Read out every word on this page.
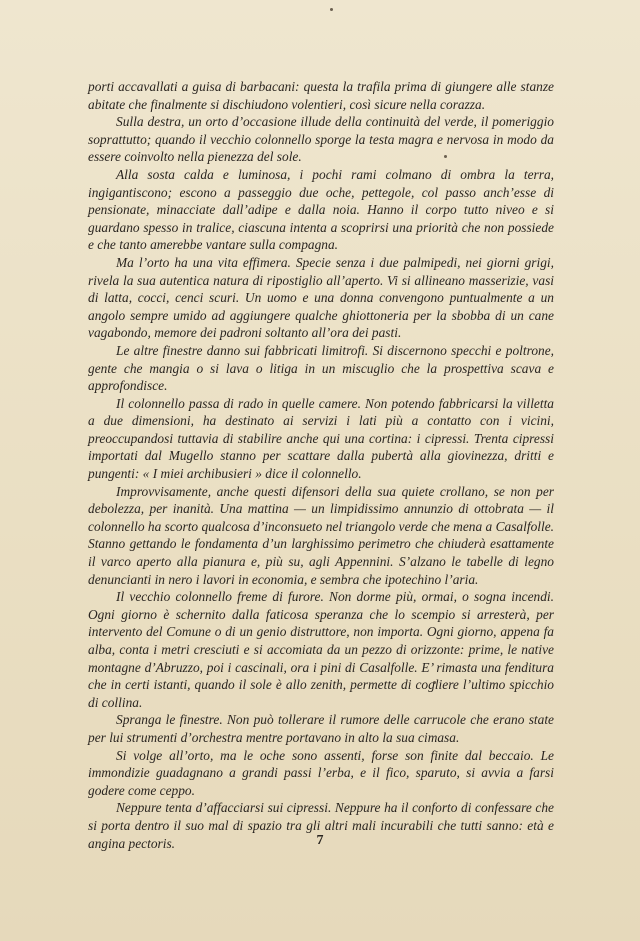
porti accavallati a guisa di barbacani: questa la trafila prima di giungere alle stanze abitate che finalmente si dischiudono volentieri, così sicure nella corazza.

Sulla destra, un orto d’occasione illude della continuità del verde, il pomeriggio soprattutto; quando il vecchio colonnello sporge la testa magra e nervosa in modo da essere coinvolto nella pienezza del sole.

Alla sosta calda e luminosa, i pochi rami colmano di ombra la terra, ingigantiscono; escono a passeggio due oche, pettegole, col passo anch’esse di pensionate, minacciate dall’adipe e dalla noia. Hanno il corpo tutto niveo e si guardano spesso in tralice, ciascuna intenta a scoprirsi una priorità che non possiede e che tanto amerebbe vantare sulla compagna.

Ma l’orto ha una vita effimera. Specie senza i due palmipedi, nei giorni grigi, rivela la sua autentica natura di ripostiglio all’aperto. Vi si allineano masserizie, vasi di latta, cocci, cenci scuri. Un uomo e una donna convengono puntualmente a un angolo sempre umido ad aggiungere qualche ghiottoneria per la sbobba di un cane vagabondo, memore dei padroni soltanto all’ora dei pasti.

Le altre finestre danno sui fabbricati limitrofi. Si discernono specchi e poltrone, gente che mangia o si lava o litiga in un miscuglio che la prospettiva scava e approfondisce.

Il colonnello passa di rado in quelle camere. Non potendo fabbricarsi la villetta a due dimensioni, ha destinato ai servizi i lati più a contatto con i vicini, preoccupandosi tuttavia di stabilire anche qui una cortina: i cipressi. Trenta cipressi importati dal Mugello stanno per scattare dalla pubertà alla giovinezza, dritti e pungenti: « I miei archibusieri » dice il colonnello.

Improvvisamente, anche questi difensori della sua quiete crollano, se non per debolezza, per inanità. Una mattina — un limpidissimo annunzio di ottobrata — il colonnello ha scorto qualcosa d’inconsueto nel triangolo verde che mena a Casalfolle. Stanno gettando le fondamenta d’un larghissimo perimetro che chiuderà esattamente il varco aperto alla pianura e, più su, agli Appennini. S’alzano le tabelle di legno denuncianti in nero i lavori in economia, e sembra che ipotechino l’aria.

Il vecchio colonnello freme di furore. Non dorme più, ormai, o sogna incendi. Ogni giorno è schernito dalla faticosa speranza che lo scempio si arresterà, per intervento del Comune o di un genio distruttore, non importa. Ogni giorno, appena fa alba, conta i metri cresciuti e si accomiata da un pezzo di orizzonte: prime, le native montagne d’Abruzzo, poi i cascinali, ora i pini di Casalfolle. E’ rimasta una fenditura che in certi istanti, quando il sole è allo zenith, permette di cogliere l’ultimo spicchio di collina.

Spranga le finestre. Non può tollerare il rumore delle carrucole che erano state per lui strumenti d’orchestra mentre portavano in alto la sua cimasa.

Si volge all’orto, ma le oche sono assenti, forse son finite dal beccaio. Le immondizie guadagnano a grandi passi l’erba, e il fico, sparuto, si avvia a farsi godere come ceppo.

Neppure tenta d’affacciarsi sui cipressi. Neppure ha il conforto di confessare che si porta dentro il suo mal di spazio tra gli altri mali incurabili che tutti sanno: età e angina pectoris.	7
